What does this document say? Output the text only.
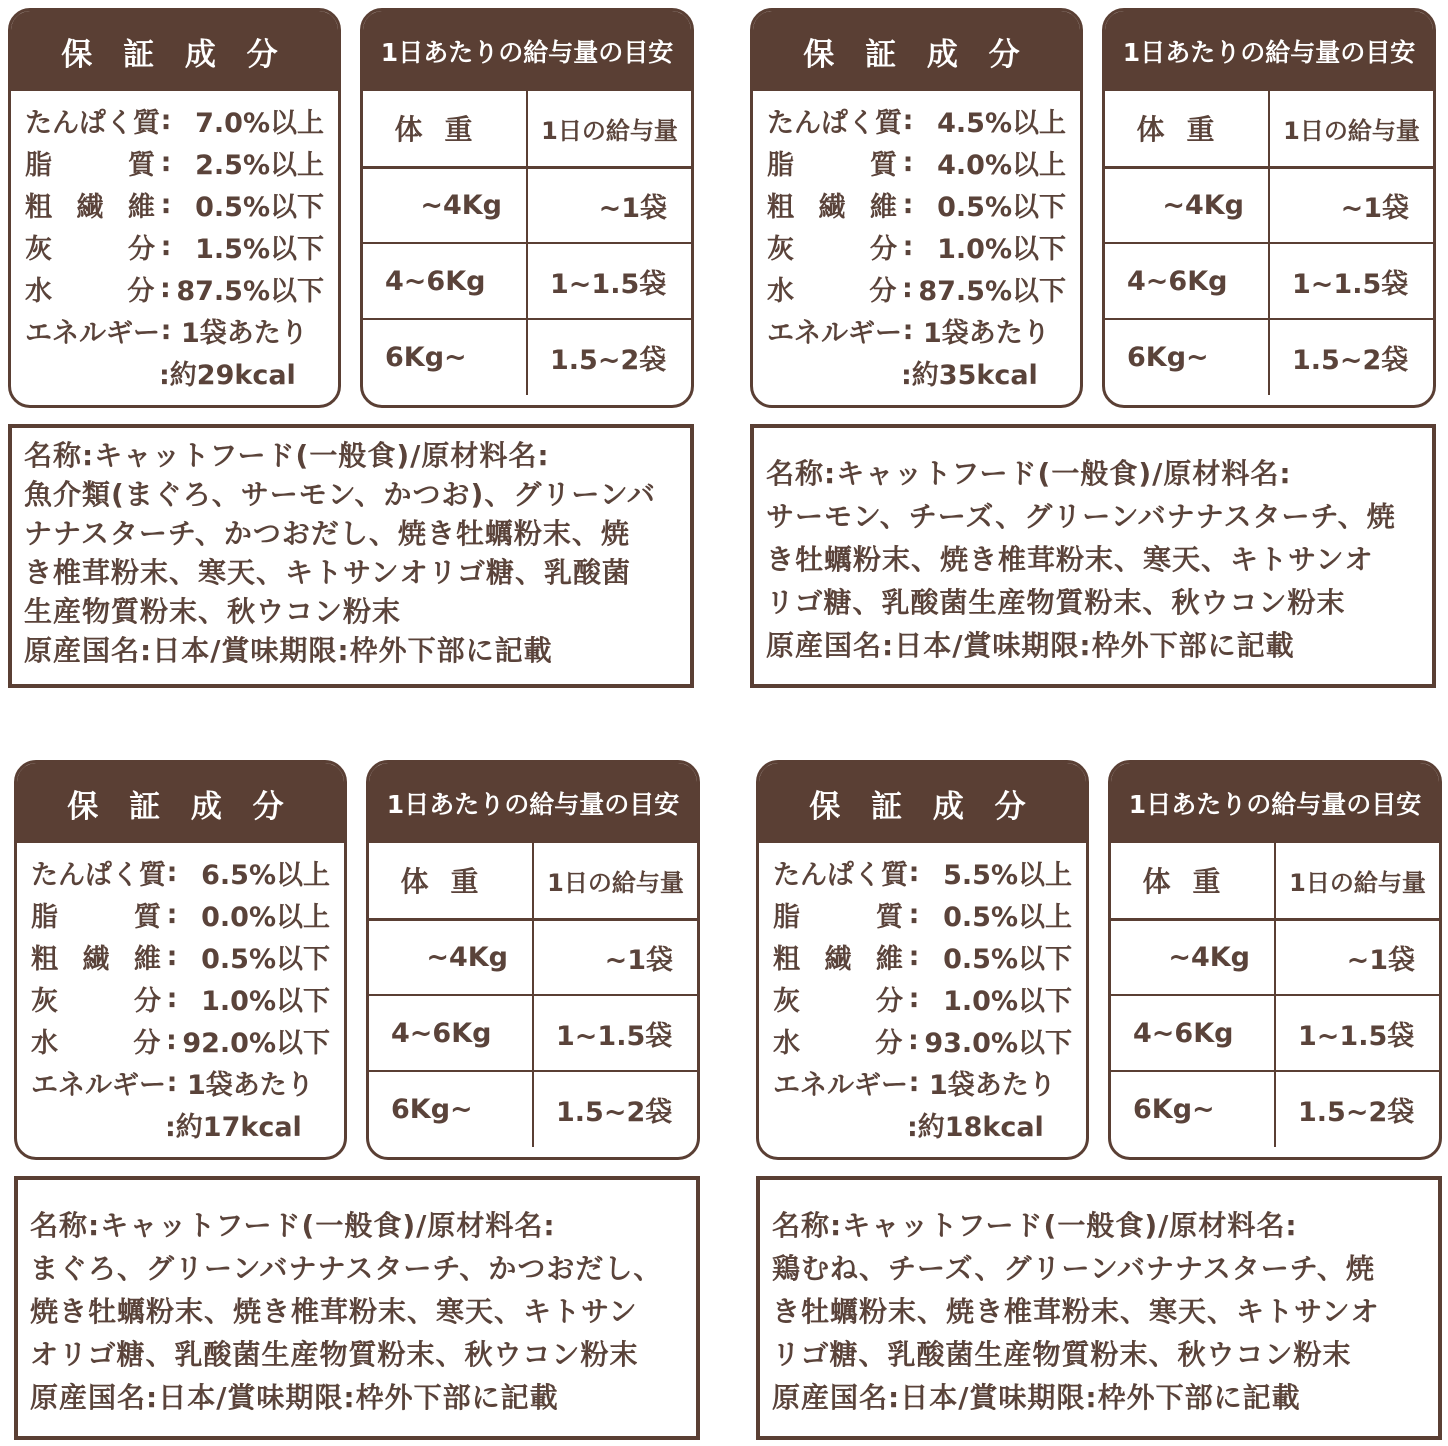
保 証 成 分
たんぱく質 : 7.0%以上
脂質 : 2.5%以上
粗繊維 : 0.5%以下
灰分 : 1.5%以下
水分 : 87.5%以下
エネルギー : 1袋あたり
:約29kcal
1日あたりの給与量の目安
体重	1日の給与量
~4Kg	~1袋
4~6Kg	1~1.5袋
6Kg~	1.5~2袋
名称:キャットフード(一般食)/原材料名:
魚介類(まぐろ、サーモン、かつお)、グリーンバ
ナナスターチ、かつおだし、焼き牡蠣粉末、焼
き椎茸粉末、寒天、キトサンオリゴ糖、乳酸菌
生産物質粉末、秋ウコン粉末
原産国名:日本/賞味期限:枠外下部に記載
保 証 成 分
たんぱく質 : 4.5%以上
脂質 : 4.0%以上
粗繊維 : 0.5%以下
灰分 : 1.0%以下
水分 : 87.5%以下
エネルギー : 1袋あたり
:約35kcal
1日あたりの給与量の目安
体重	1日の給与量
~4Kg	~1袋
4~6Kg	1~1.5袋
6Kg~	1.5~2袋
名称:キャットフード(一般食)/原材料名:
サーモン、チーズ、グリーンバナナスターチ、焼
き牡蠣粉末、焼き椎茸粉末、寒天、キトサンオ
リゴ糖、乳酸菌生産物質粉末、秋ウコン粉末
原産国名:日本/賞味期限:枠外下部に記載
保 証 成 分
たんぱく質 : 6.5%以上
脂質 : 0.0%以上
粗繊維 : 0.5%以下
灰分 : 1.0%以下
水分 : 92.0%以下
エネルギー : 1袋あたり
:約17kcal
1日あたりの給与量の目安
体重	1日の給与量
~4Kg	~1袋
4~6Kg	1~1.5袋
6Kg~	1.5~2袋
名称:キャットフード(一般食)/原材料名:
まぐろ、グリーンバナナスターチ、かつおだし、
焼き牡蠣粉末、焼き椎茸粉末、寒天、キトサン
オリゴ糖、乳酸菌生産物質粉末、秋ウコン粉末
原産国名:日本/賞味期限:枠外下部に記載
保 証 成 分
たんぱく質 : 5.5%以上
脂質 : 0.5%以上
粗繊維 : 0.5%以下
灰分 : 1.0%以下
水分 : 93.0%以下
エネルギー : 1袋あたり
:約18kcal
1日あたりの給与量の目安
体重	1日の給与量
~4Kg	~1袋
4~6Kg	1~1.5袋
6Kg~	1.5~2袋
名称:キャットフード(一般食)/原材料名:
鶏むね、チーズ、グリーンバナナスターチ、焼
き牡蠣粉末、焼き椎茸粉末、寒天、キトサンオ
リゴ糖、乳酸菌生産物質粉末、秋ウコン粉末
原産国名:日本/賞味期限:枠外下部に記載
